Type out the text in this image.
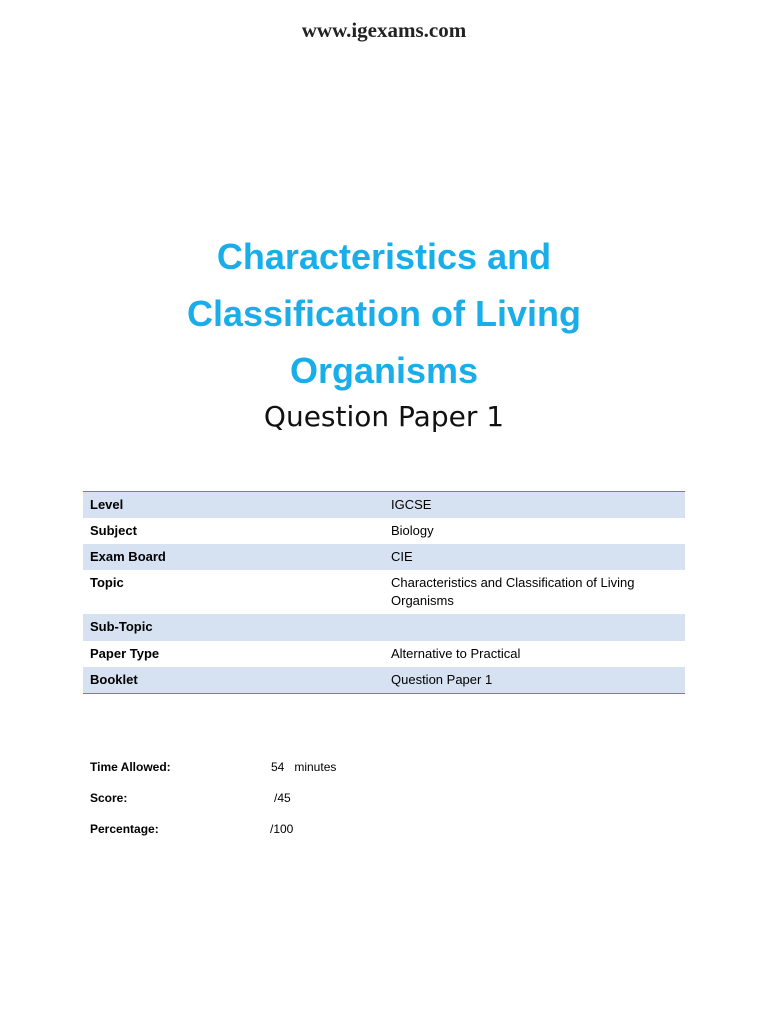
www.igexams.com
Characteristics and
Classification of Living
Organisms
Question Paper 1
Level	IGCSE
Subject	Biology
Exam Board	CIE
Topic	Characteristics and Classification of Living Organisms
Sub-Topic
Paper Type	Alternative to Practical
Booklet	Question Paper 1
Time Allowed:	54   minutes
Score:	/45
Percentage:	/100
